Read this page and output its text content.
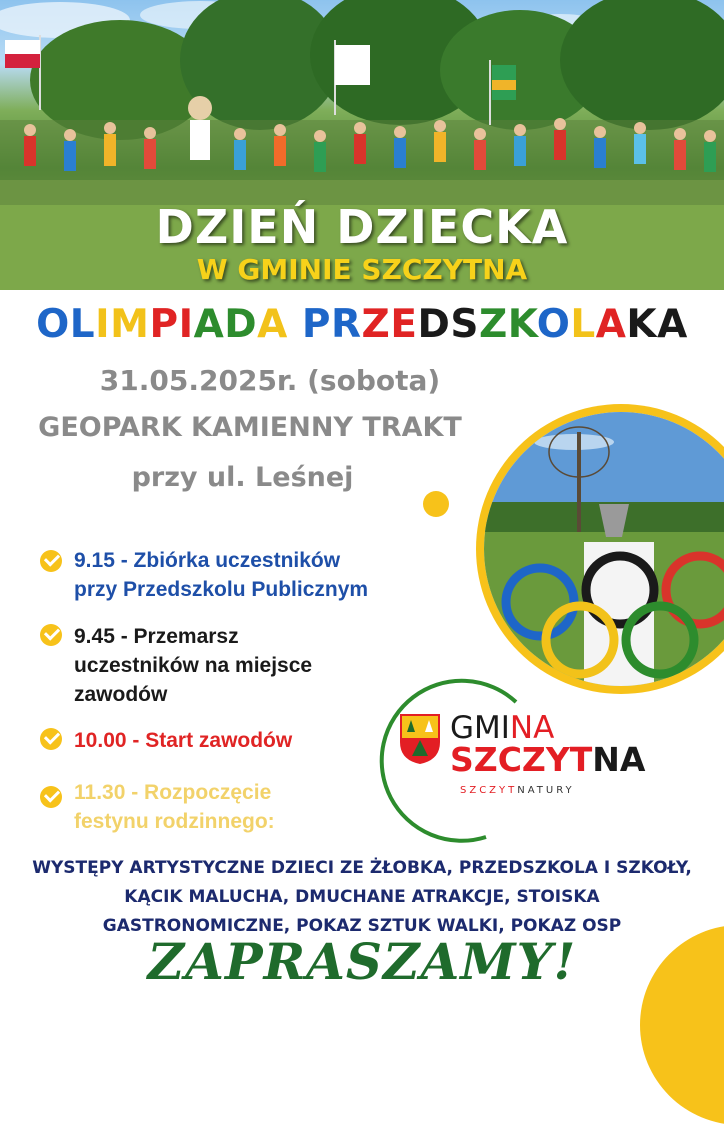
DZIEŃ DZIECKA
W GMINIE SZCZYTNA
OLIMPIADA PRZEDSZKOLAKA
31.05.2025r. (sobota)
GEOPARK KAMIENNY TRAKT
przy ul. Leśnej
9.15 - Zbiórka uczestników
przy Przedszkolu Publicznym
9.45 - Przemarsz
uczestników na miejsce
zawodów
10.00 - Start zawodów
11.30 - Rozpoczęcie
festynu rodzinnego:
GMINA
SZCZYTNA
SZCZYTNATURY
WYSTĘPY ARTYSTYCZNE DZIECI ZE ŻŁOBKA, PRZEDSZKOLA I SZKOŁY,
KĄCIK MALUCHA, DMUCHANE ATRAKCJE, STOISKA
GASTRONOMICZNE, POKAZ SZTUK WALKI, POKAZ OSP
ZAPRASZAMY!
